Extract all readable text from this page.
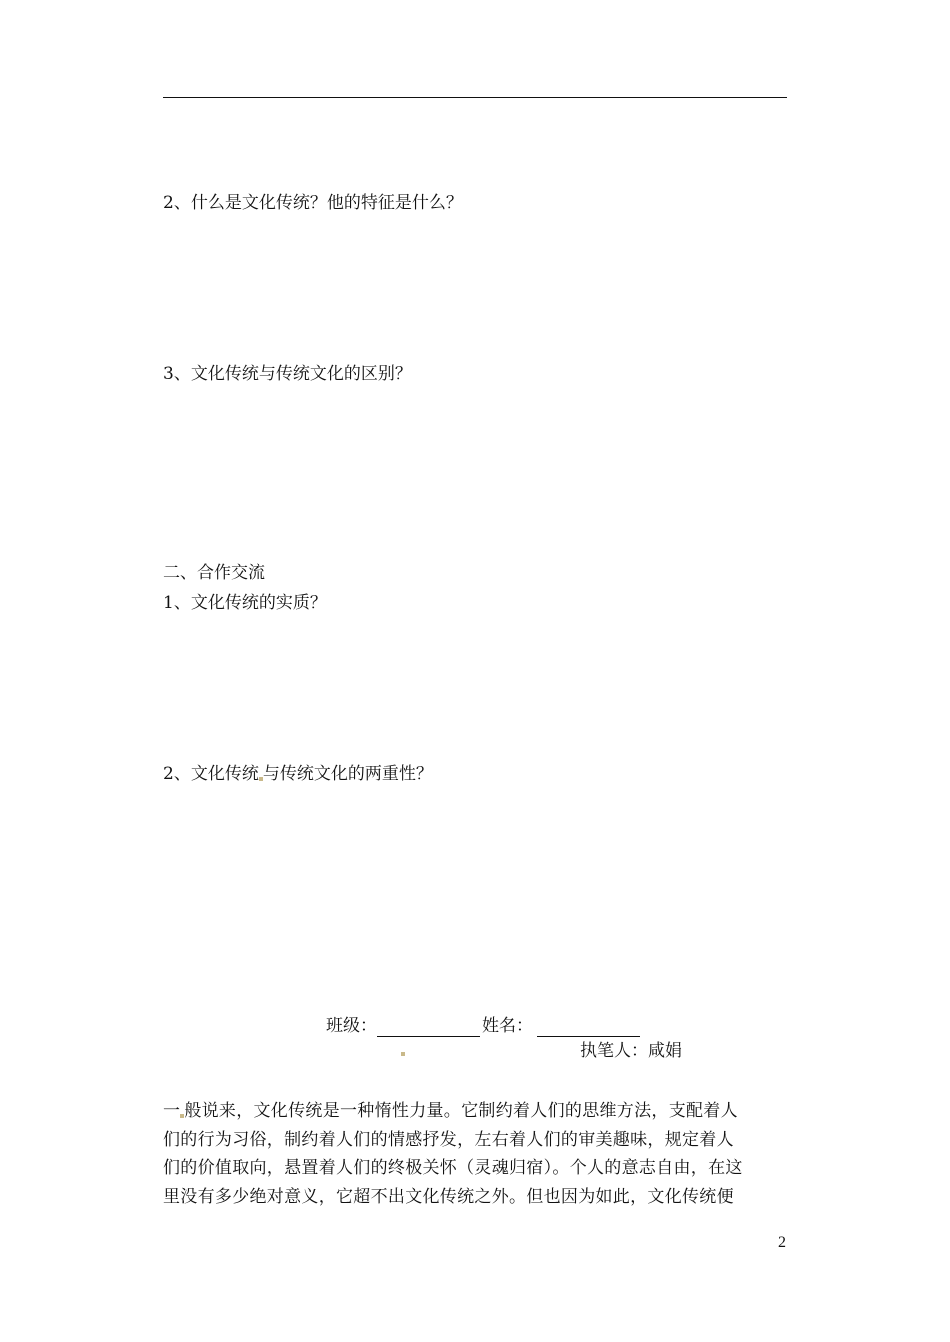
2、什么是文化传统？他的特征是什么？
3、文化传统与传统文化的区别？
二、合作交流
1、文化传统的实质？
2、文化传统 与传统文化的两重性？
班级：	姓名：
执笔人：咸娟
一 般说来，文化传统是一种惰性力量。它制约着人们的思维方法，支配着人
们的行为习俗，制约着人们的情感抒发，左右着人们的审美趣味，规定着人
们的价值取向，悬置着人们的终极关怀（灵魂归宿）。个人的意志自由，在这
里没有多少绝对意义，它超不出文化传统之外。但也因为如此，文化传统便
2
